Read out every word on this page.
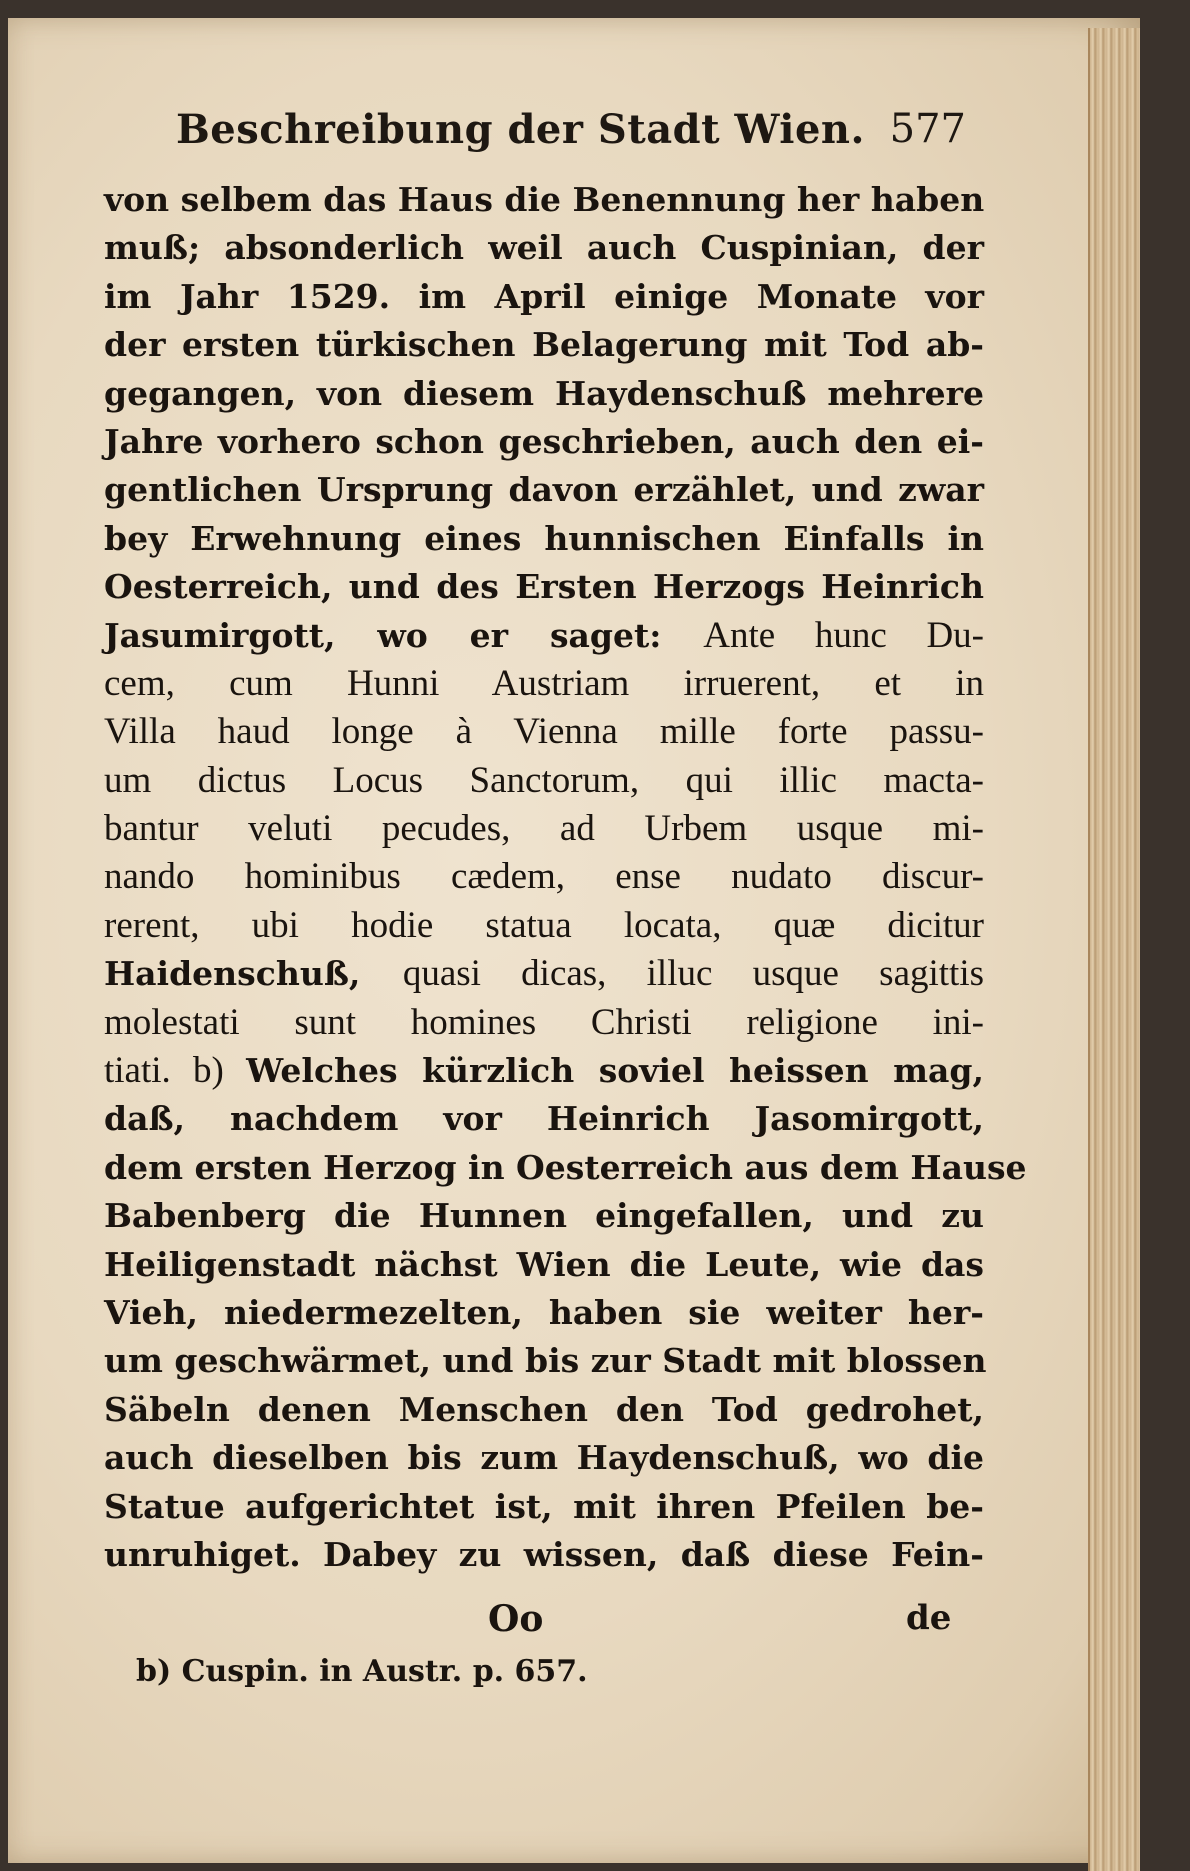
Beschreibung der Stadt Wien. 577
von selbem das Haus die Benennung her haben
muß; absonderlich weil auch Cuspinian, der
im Jahr 1529. im April einige Monate vor
der ersten türkischen Belagerung mit Tod ab-
gegangen, von diesem Haydenschuß mehrere
Jahre vorhero schon geschrieben, auch den ei-
gentlichen Ursprung davon erzählet, und zwar
bey Erwehnung eines hunnischen Einfalls in
Oesterreich, und des Ersten Herzogs Heinrich
Jasumirgott, wo er saget: Ante hunc Du-
cem, cum Hunni Austriam irruerent, et in
Villa haud longe à Vienna mille forte passu-
um dictus Locus Sanctorum, qui illic macta-
bantur veluti pecudes, ad Urbem usque mi-
nando hominibus cædem, ense nudato discur-
rerent, ubi hodie statua locata, quæ dicitur
Haidenschuß, quasi dicas, illuc usque sagittis
molestati sunt homines Christi religione ini-
tiati. b) Welches kürzlich soviel heissen mag,
daß, nachdem vor Heinrich Jasomirgott,
dem ersten Herzog in Oesterreich aus dem Hause
Babenberg die Hunnen eingefallen, und zu
Heiligenstadt nächst Wien die Leute, wie das
Vieh, niedermezelten, haben sie weiter her-
um geschwärmet, und bis zur Stadt mit blossen
Säbeln denen Menschen den Tod gedrohet,
auch dieselben bis zum Haydenschuß, wo die
Statue aufgerichtet ist, mit ihren Pfeilen be-
unruhiget. Dabey zu wissen, daß diese Fein-
Oo	de
b) Cuspin. in Austr. p. 657.
